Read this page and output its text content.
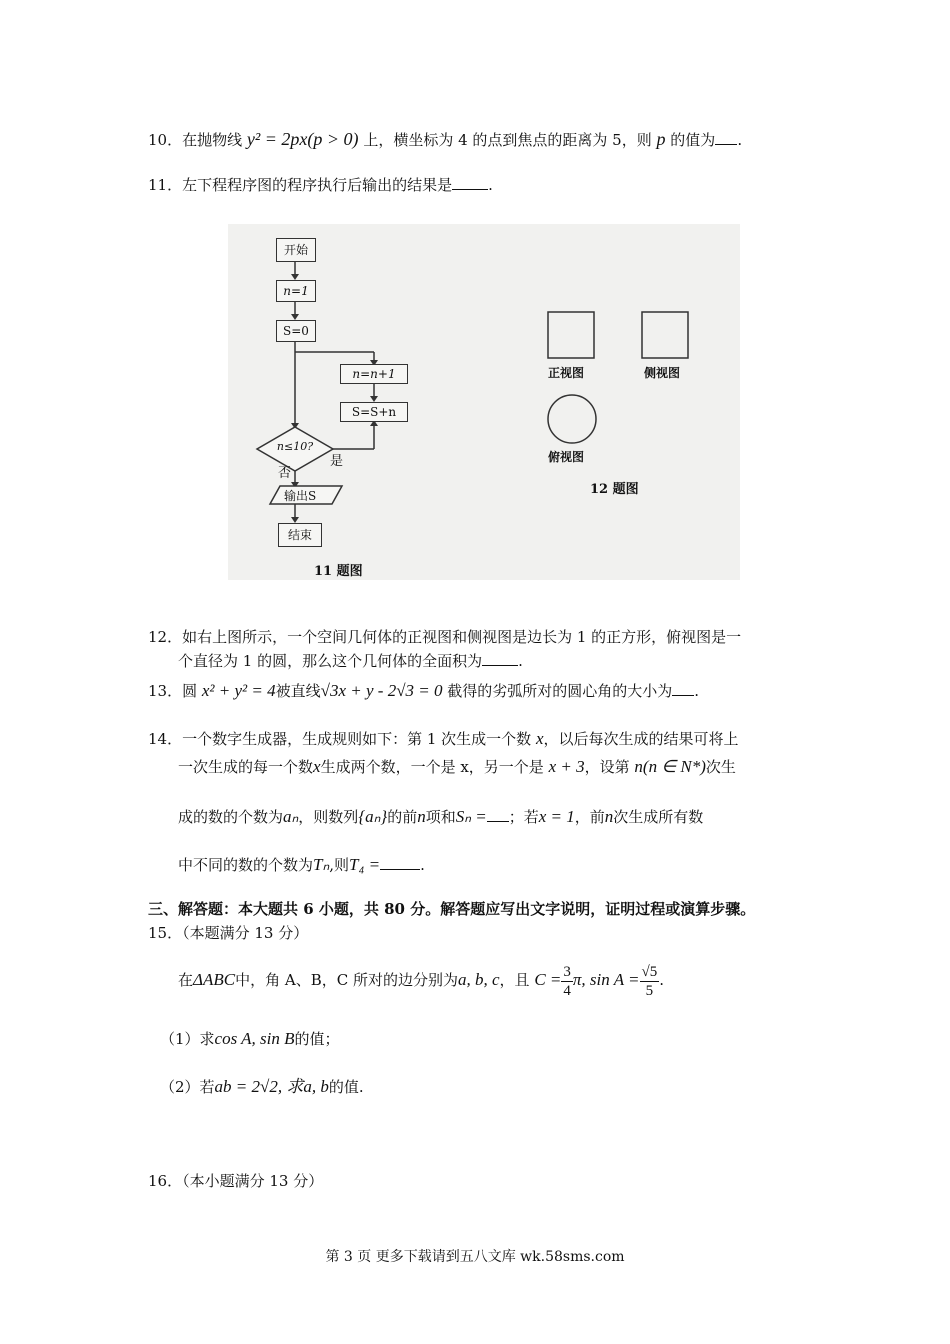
10．在抛物线 y² = 2px(p > 0) 上，横坐标为 4 的点到焦点的距离为 5，则 p 的值为 .
11．左下程程序图的程序执行后输出的结果是 .
开始
n=1
S=0
n=n+1
S=S+n
n≤10?
是
否
输出S
结束
11 题图
正视图	侧视图
俯视图
12 题图
12．如右上图所示，一个空间几何体的正视图和侧视图是边长为 1 的正方形，俯视图是一
个直径为 1 的圆，那么这个几何体的全面积为 .
13．圆 x² + y² = 4被直线√3x + y - 2√3 = 0 截得的劣弧所对的圆心角的大小为 .
14．一个数字生成器，生成规则如下：第 1 次生成一个数 x，以后每次生成的结果可将上
一次生成的每一个数x生成两个数，一个是 x，另一个是 x + 3，设第 n(n ∈ N*)次生
成的数的个数为aₙ，则数列{aₙ}的前n项和Sₙ = ；若x = 1，前n次生成所有数
中不同的数的个数为Tₙ,则T₄ =	.
三、解答题：本大题共 6 小题，共 80 分。解答题应写出文字说明，证明过程或演算步骤。
15．（本题满分 13 分）
在ΔABC中，角 A、B，C 所对的边分别为a, b, c，且 $C = \frac{3}{4} \pi$, $\sin A = \frac{√5}{5}$ .
（1）求cos A, sin B的值；
（2）若ab = 2√2, 求a, b的值.
16．（本小题满分 13 分）
第 3 页 更多下载请到五八文库 wk.58sms.com
